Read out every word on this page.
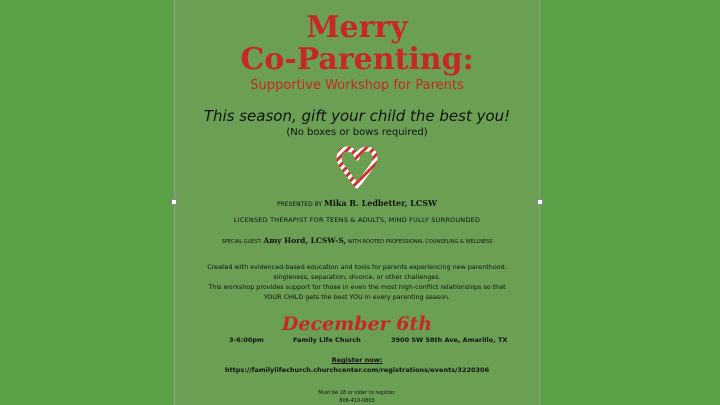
Merry
Co-Parenting:
Supportive Workshop for Parents
This season, gift your child the best you!
(No boxes or bows required)
PRESENTED BY Mika R. Ledbetter, LCSW
LICENSED THERAPIST FOR TEENS & ADULTS, MIND FULLY SURROUNDED
SPECIAL GUEST: Amy Hord, LCSW-S, WITH ROOTED PROFESSIONAL COUNSELING & WELLNESS
Created with evidenced-based education and tools for parents experiencing new parenthood, singleness, separation, divorce, or other challenges.
This workshop provides support for those in even the most high-conflict relationships so that YOUR CHILD gets the best YOU in every parenting season.
December 6th
3-6:00pm	Family Life Church	3900 SW 58th Ave, Amarillo, TX
Register now:
https://familylifechurch.churchcenter.com/registrations/events/3220306
Must be 18 or older to register.
806-410-0803
